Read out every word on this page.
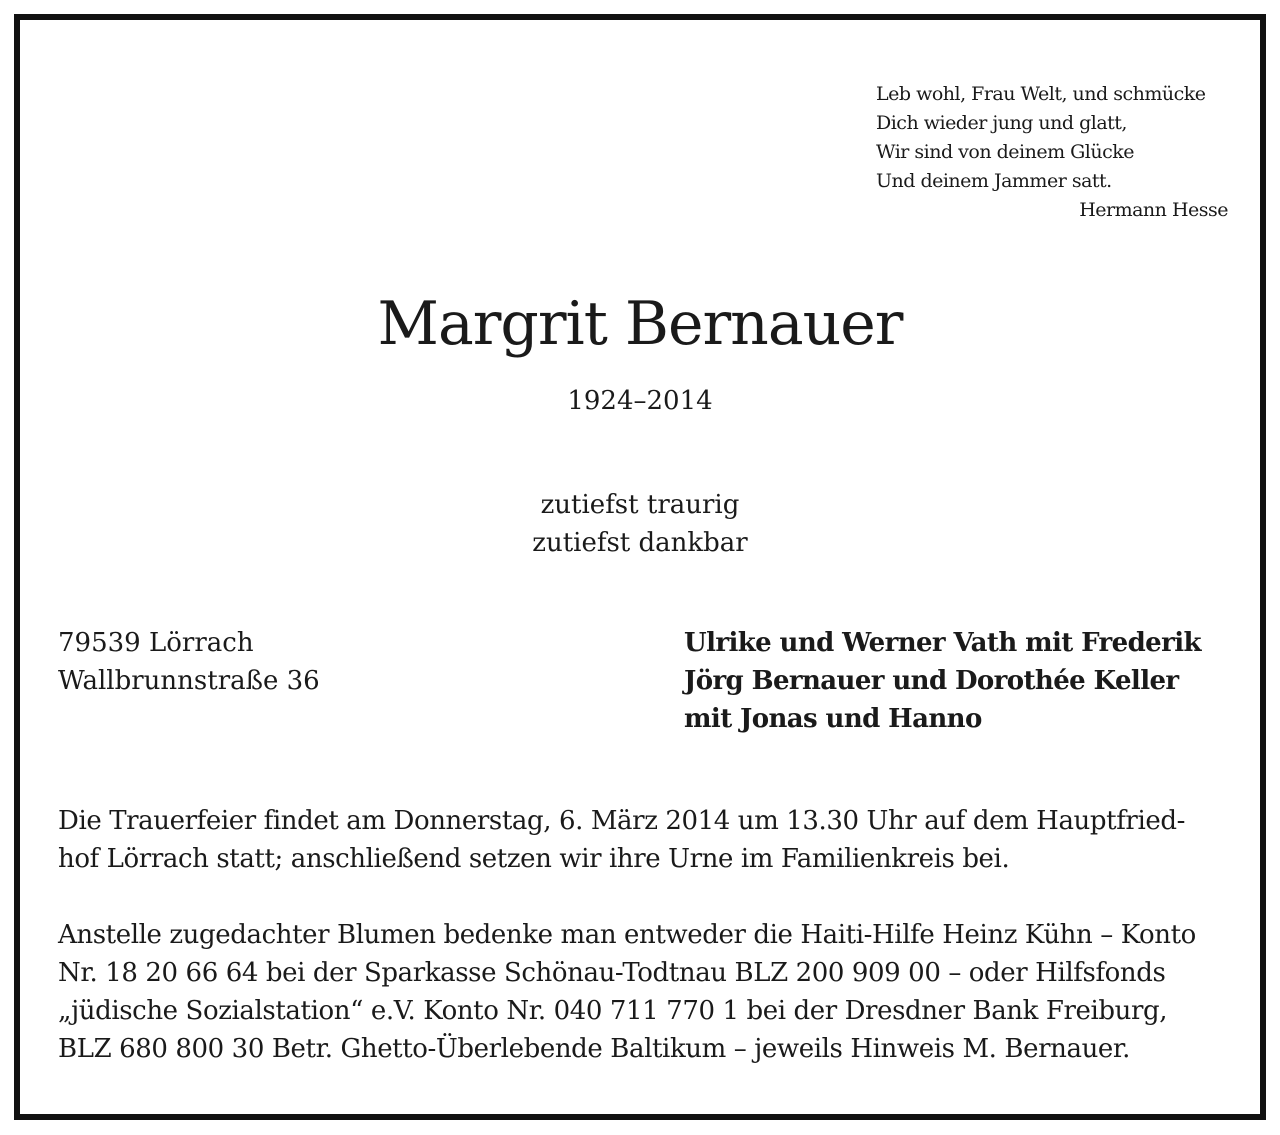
Leb wohl, Frau Welt, und schmücke
Dich wieder jung und glatt,
Wir sind von deinem Glücke
Und deinem Jammer satt.
Hermann Hesse
Margrit Bernauer
1924–2014
zutiefst traurig
zutiefst dankbar
79539 Lörrach
Wallbrunnstraße 36
Ulrike und Werner Vath mit Frederik
Jörg Bernauer und Dorothée Keller
mit Jonas und Hanno
Die Trauerfeier findet am Donnerstag, 6. März 2014 um 13.30 Uhr auf dem Hauptfried-
hof Lörrach statt; anschließend setzen wir ihre Urne im Familienkreis bei.
Anstelle zugedachter Blumen bedenke man entweder die Haiti-Hilfe Heinz Kühn – Konto
Nr. 18 20 66 64 bei der Sparkasse Schönau-Todtnau BLZ 200 909 00 – oder Hilfsfonds
„jüdische Sozialstation“ e.V. Konto Nr. 040 711 770 1 bei der Dresdner Bank Freiburg,
BLZ 680 800 30 Betr. Ghetto-Überlebende Baltikum – jeweils Hinweis M. Bernauer.
